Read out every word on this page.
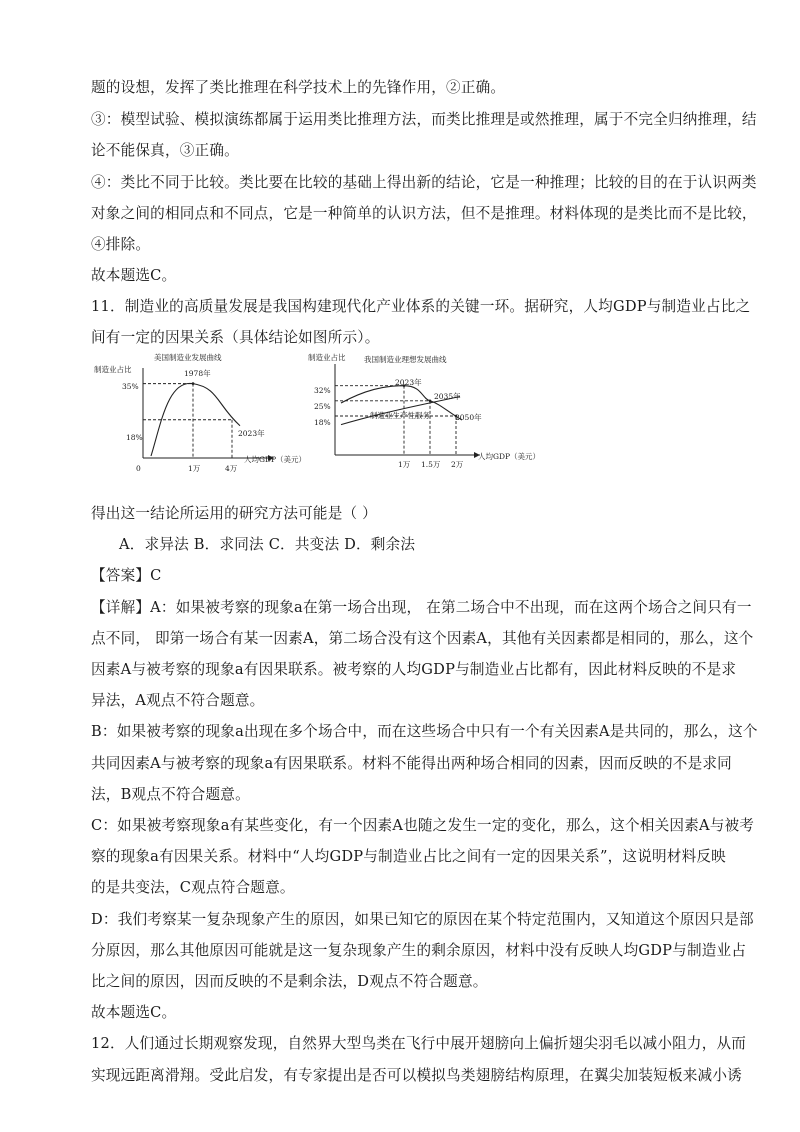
题的设想，发挥了类比推理在科学技术上的先锋作用，②正确。
③：模型试验、模拟演练都属于运用类比推理方法，而类比推理是或然推理，属于不完全归纳推理，结
论不能保真，③正确。
④：类比不同于比较。类比要在比较的基础上得出新的结论，它是一种推理；比较的目的在于认识两类
对象之间的相同点和不同点，它是一种简单的认识方法，但不是推理。材料体现的是类比而不是比较，
④排除。
故本题选C。
11．制造业的高质量发展是我国构建现代化产业体系的关键一环。据研究，人均GDP与制造业占比之
间有一定的因果关系（具体结论如图所示）。
美国制造业发展曲线
制造业占比
35%
18%
1万	4万
0
1978年
2023年
人均GDP（美元）
制造业占比 我国制造业理想发展曲线
32%
25%
18%
1万 1.5万 2万
2023年
2035年
2050年
制造业生产性服务
人均GDP（美元）
得出这一结论所运用的研究方法可能是（ ）
A．求异法 B．求同法 C．共变法 D．剩余法
【答案】C
【详解】A：如果被考察的现象a在第一场合出现， 在第二场合中不出现，而在这两个场合之间只有一
点不同， 即第一场合有某一因素A，第二场合没有这个因素A，其他有关因素都是相同的，那么，这个
因素A与被考察的现象a有因果联系。被考察的人均GDP与制造业占比都有，因此材料反映的不是求
异法，A观点不符合题意。
B：如果被考察的现象a出现在多个场合中，而在这些场合中只有一个有关因素A是共同的，那么，这个
共同因素A与被考察的现象a有因果联系。材料不能得出两种场合相同的因素，因而反映的不是求同
法，B观点不符合题意。
C：如果被考察现象a有某些变化，有一个因素A也随之发生一定的变化，那么，这个相关因素A与被考
察的现象a有因果关系。材料中“人均GDP与制造业占比之间有一定的因果关系”，这说明材料反映
的是共变法，C观点符合题意。
D：我们考察某一复杂现象产生的原因，如果已知它的原因在某个特定范围内，又知道这个原因只是部
分原因，那么其他原因可能就是这一复杂现象产生的剩余原因，材料中没有反映人均GDP与制造业占
比之间的原因，因而反映的不是剩余法，D观点不符合题意。
故本题选C。
12．人们通过长期观察发现，自然界大型鸟类在飞行中展开翅膀向上偏折翅尖羽毛以减小阻力，从而
实现远距离滑翔。受此启发，有专家提出是否可以模拟鸟类翅膀结构原理，在翼尖加装短板来减小诱
